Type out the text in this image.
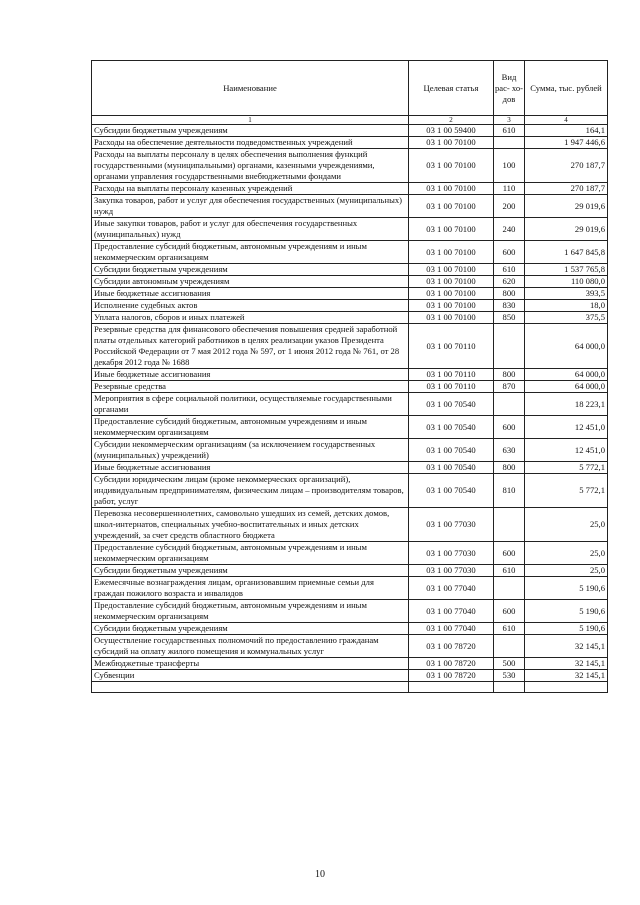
Наименование	Целевая статья	Вид рас- хо- дов	Сумма, тыс. рублей
1	2	3	4
Субсидии бюджетным учреждениям	03 1 00 59400	610	164,1
Расходы на обеспечение деятельности подведомственных учреждений	03 1 00 70100		1 947 446,6
Расходы на выплаты персоналу в целях обеспечения выполнения функций государственными (муниципальными) органами, казенными учреждениями, органами управления государственными внебюджетными фондами	03 1 00 70100	100	270 187,7
Расходы на выплаты персоналу казенных учреждений	03 1 00 70100	110	270 187,7
Закупка товаров, работ и услуг для обеспечения государственных (муниципальных) нужд	03 1 00 70100	200	29 019,6
Иные закупки товаров, работ и услуг для обеспечения государственных (муниципальных) нужд	03 1 00 70100	240	29 019,6
Предоставление субсидий бюджетным, автономным учреждениям и иным некоммерческим организациям	03 1 00 70100	600	1 647 845,8
Субсидии бюджетным учреждениям	03 1 00 70100	610	1 537 765,8
Субсидии автономным учреждениям	03 1 00 70100	620	110 080,0
Иные бюджетные ассигнования	03 1 00 70100	800	393,5
Исполнение судебных актов	03 1 00 70100	830	18,0
Уплата налогов, сборов и иных платежей	03 1 00 70100	850	375,5
Резервные средства для финансового обеспечения повышения средней заработной платы отдельных категорий работников в целях реализации указов Президента Российской Федерации от 7 мая 2012 года № 597, от 1 июня 2012 года № 761, от 28 декабря 2012 года № 1688	03 1 00 70110		64 000,0
Иные бюджетные ассигнования	03 1 00 70110	800	64 000,0
Резервные средства	03 1 00 70110	870	64 000,0
Мероприятия в сфере социальной политики, осуществляемые государственными органами	03 1 00 70540		18 223,1
Предоставление субсидий бюджетным, автономным учреждениям и иным некоммерческим организациям	03 1 00 70540	600	12 451,0
Субсидии некоммерческим организациям (за исключением государственных (муниципальных) учреждений)	03 1 00 70540	630	12 451,0
Иные бюджетные ассигнования	03 1 00 70540	800	5 772,1
Субсидии юридическим лицам (кроме некоммерческих организаций), индивидуальным предпринимателям, физическим лицам – производителям товаров, работ, услуг	03 1 00 70540	810	5 772,1
Перевозка несовершеннолетних, самовольно ушедших из семей, детских домов, школ-интернатов, специальных учебно-воспитательных и иных детских учреждений, за счет средств областного бюджета	03 1 00 77030		25,0
Предоставление субсидий бюджетным, автономным учреждениям и иным некоммерческим организациям	03 1 00 77030	600	25,0
Субсидии бюджетным учреждениям	03 1 00 77030	610	25,0
Ежемесячные вознаграждения лицам, организовавшим приемные семьи для граждан пожилого возраста и инвалидов	03 1 00 77040		5 190,6
Предоставление субсидий бюджетным, автономным учреждениям и иным некоммерческим организациям	03 1 00 77040	600	5 190,6
Субсидии бюджетным учреждениям	03 1 00 77040	610	5 190,6
Осуществление государственных полномочий по предоставлению гражданам субсидий на оплату жилого помещения и коммунальных услуг	03 1 00 78720		32 145,1
Межбюджетные трансферты	03 1 00 78720	500	32 145,1
Субвенции	03 1 00 78720	530	32 145,1

10
